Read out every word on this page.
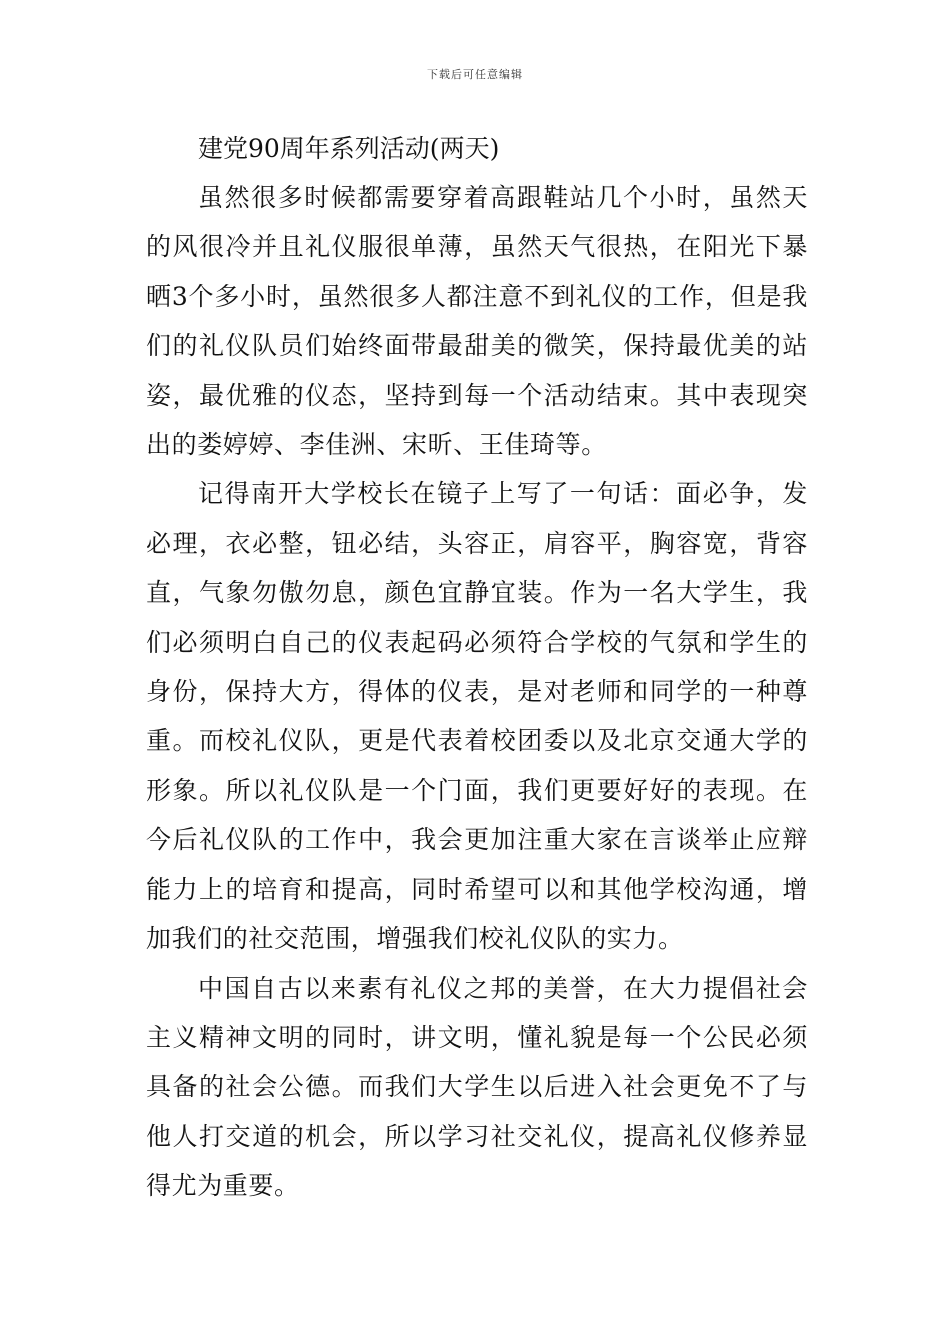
下载后可任意编辑

建党90周年系列活动(两天)

虽然很多时候都需要穿着高跟鞋站几个小时，虽然天的风很冷并且礼仪服很单薄，虽然天气很热，在阳光下暴晒3个多小时，虽然很多人都注意不到礼仪的工作，但是我们的礼仪队员们始终面带最甜美的微笑，保持最优美的站姿，最优雅的仪态，坚持到每一个活动结束。其中表现突出的娄婷婷、李佳洲、宋昕、王佳琦等。

记得南开大学校长在镜子上写了一句话：面必争，发必理，衣必整，钮必结，头容正，肩容平，胸容宽，背容直，气象勿傲勿息，颜色宜静宜装。作为一名大学生，我们必须明白自己的仪表起码必须符合学校的气氛和学生的身份，保持大方，得体的仪表，是对老师和同学的一种尊重。而校礼仪队，更是代表着校团委以及北京交通大学的形象。所以礼仪队是一个门面，我们更要好好的表现。在今后礼仪队的工作中，我会更加注重大家在言谈举止应辩能力上的培育和提高，同时希望可以和其他学校沟通，增加我们的社交范围，增强我们校礼仪队的实力。

中国自古以来素有礼仪之邦的美誉，在大力提倡社会主义精神文明的同时，讲文明，懂礼貌是每一个公民必须具备的社会公德。而我们大学生以后进入社会更免不了与他人打交道的机会，所以学习社交礼仪，提高礼仪修养显得尤为重要。
